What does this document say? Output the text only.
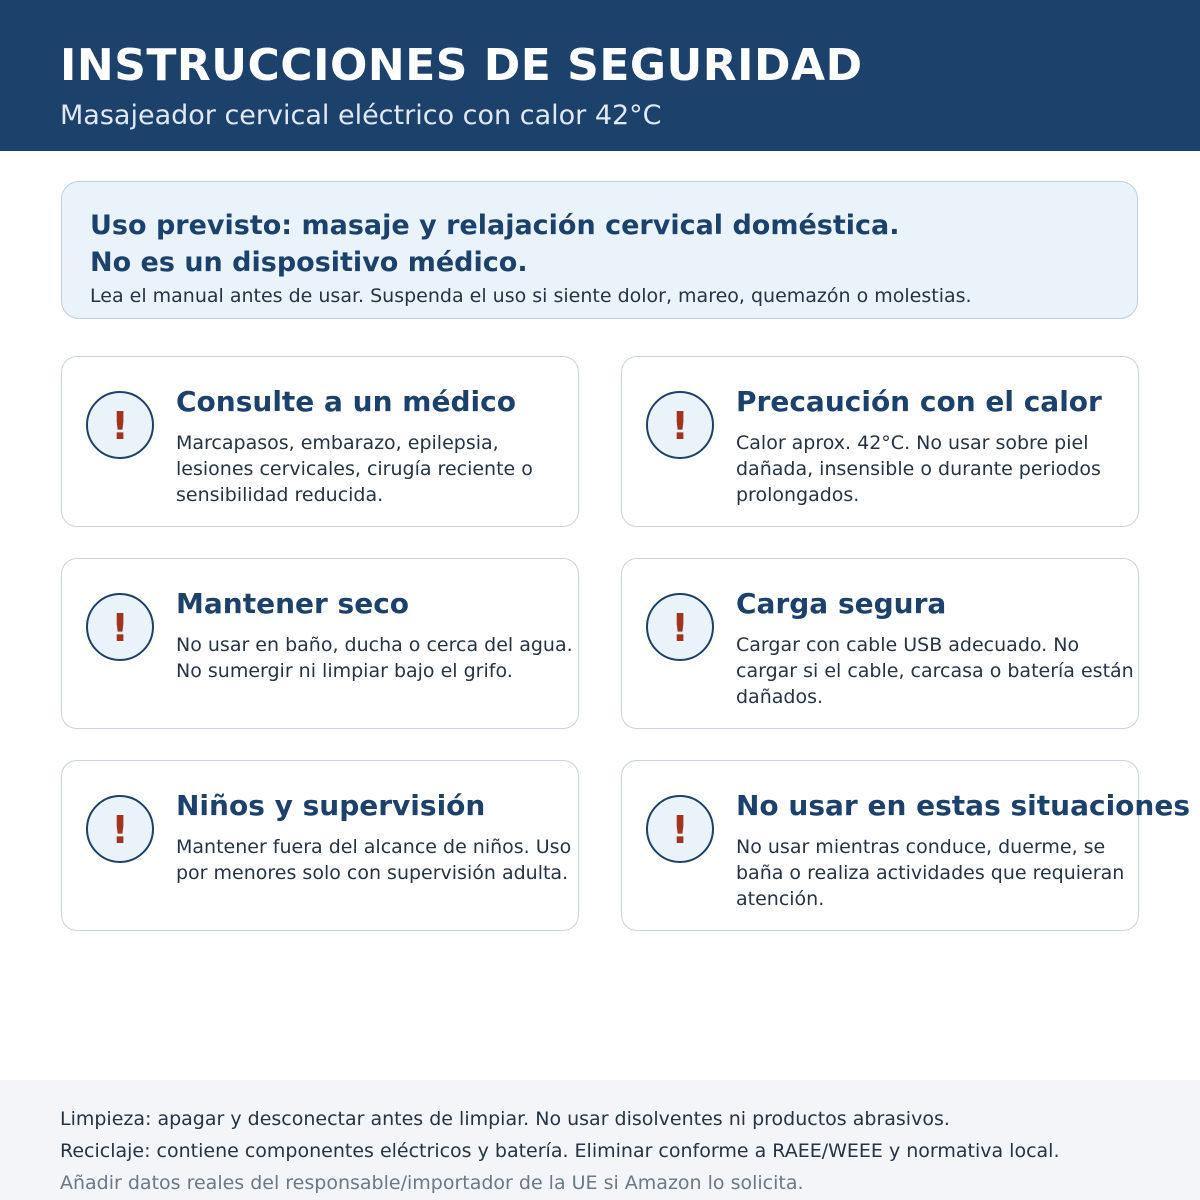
INSTRUCCIONES DE SEGURIDAD

Masajeador cervical eléctrico con calor 42°C

Uso previsto: masaje y relajación cervical doméstica.
No es un dispositivo médico.
Lea el manual antes de usar. Suspenda el uso si siente dolor, mareo, quemazón o molestias.
!
Consulte a un médico
Marcapasos, embarazo, epilepsia, lesiones cervicales, cirugía reciente o sensibilidad reducida.
!
Precaución con el calor
Calor aprox. 42°C. No usar sobre piel dañada, insensible o durante periodos prolongados.
!
Mantener seco
No usar en baño, ducha o cerca del agua. No sumergir ni limpiar bajo el grifo.
!
Carga segura
Cargar con cable USB adecuado. No cargar si el cable, carcasa o batería están dañados.
!
Niños y supervisión
Mantener fuera del alcance de niños. Uso por menores solo con supervisión adulta.
!
No usar en estas situaciones
No usar mientras conduce, duerme, se baña o realiza actividades que requieran atención.
Limpieza: apagar y desconectar antes de limpiar. No usar disolventes ni productos abrasivos.
Reciclaje: contiene componentes eléctricos y batería. Eliminar conforme a RAEE/WEEE y normativa local.
Añadir datos reales del responsable/importador de la UE si Amazon lo solicita.
